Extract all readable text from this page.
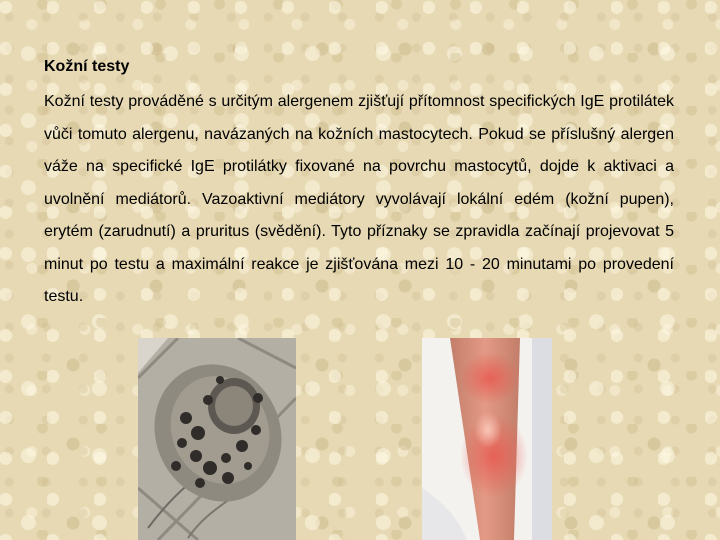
Kožní testy

Kožní testy prováděné s určitým alergenem zjišťují přítomnost specifických IgE protilátek vůči tomuto alergenu, navázaných na kožních mastocytech. Pokud se příslušný alergen váže na specifické IgE protilátky fixované na povrchu mastocytů, dojde k aktivaci a uvolnění mediátorů. Vazoaktivní mediátory vyvolávají lokální edém (kožní pupen), erytém (zarudnutí) a pruritus (svědění). Tyto příznaky se zpravidla začínají projevovat 5 minut po testu a maximální reakce je zjišťována mezi 10 - 20 minutami po provedení testu.
